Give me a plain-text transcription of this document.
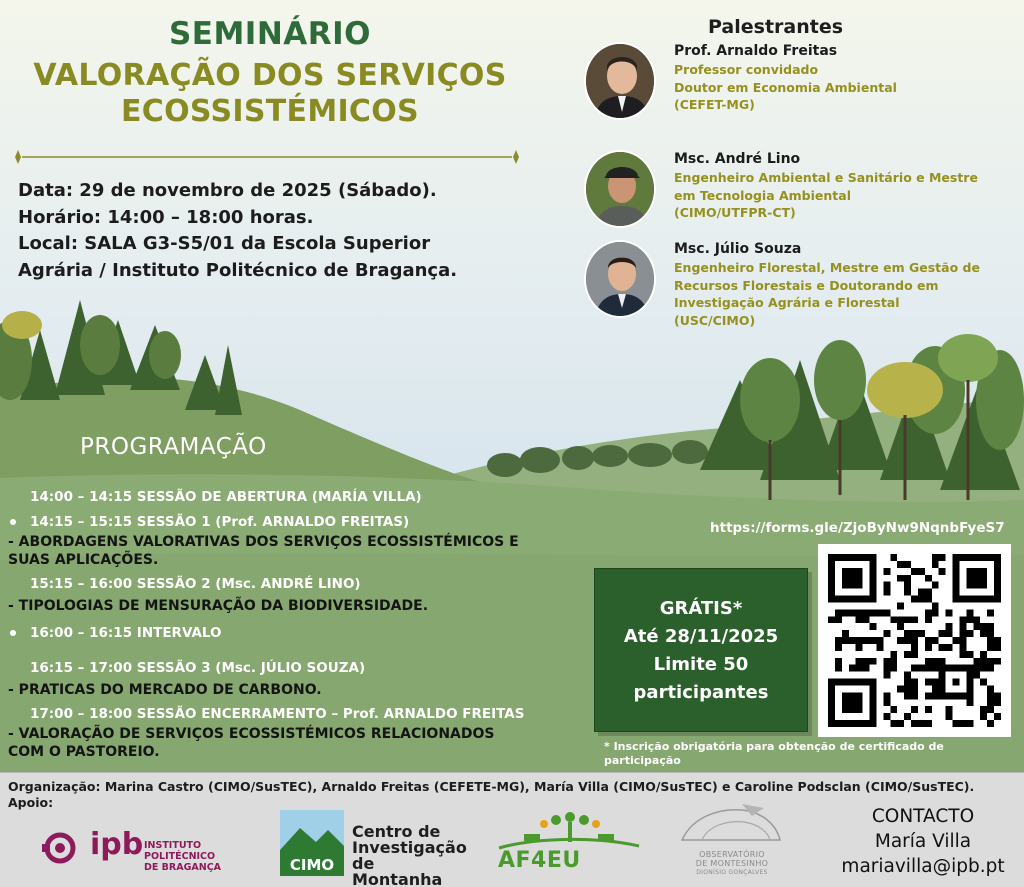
SEMINÁRIO
VALORAÇÃO DOS SERVIÇOS
ECOSSISTÉMICOS
Data: 29 de novembro de 2025 (Sábado).
Horário: 14:00 – 18:00 horas.
Local: SALA G3-S5/01 da Escola Superior
Agrária / Instituto Politécnico de Bragança.
Palestrantes
Prof. Arnaldo Freitas
Professor convidado
Doutor em Economia Ambiental
(CEFET-MG)
Msc. André Lino
Engenheiro Ambiental e Sanitário e Mestre
em Tecnologia Ambiental
(CIMO/UTFPR-CT)
Msc. Júlio Souza
Engenheiro Florestal, Mestre em Gestão de
Recursos Florestais e Doutorando em
Investigação Agrária e Florestal
(USC/CIMO)
PROGRAMAÇÃO
14:00 – 14:15 SESSÃO DE ABERTURA (MARÍA VILLA)
14:15 – 15:15 SESSÃO 1 (Prof. ARNALDO FREITAS)
- ABORDAGENS VALORATIVAS DOS SERVIÇOS ECOSSISTÉMICOS E
SUAS APLICAÇÕES.
15:15 – 16:00 SESSÃO 2 (Msc. ANDRÉ LINO)
- TIPOLOGIAS DE MENSURAÇÃO DA BIODIVERSIDADE.
16:00 – 16:15 INTERVALO
16:15 – 17:00 SESSÃO 3 (Msc. JÚLIO SOUZA)
- PRATICAS DO MERCADO DE CARBONO.
17:00 – 18:00 SESSÃO ENCERRAMENTO – Prof. ARNALDO FREITAS
- VALORAÇÃO DE SERVIÇOS ECOSSISTÉMICOS RELACIONADOS
COM O PASTOREIO.
https://forms.gle/ZjoByNw9NqnbFyeS7
GRÁTIS*
Até 28/11/2025
Limite 50
participantes
* Inscrição obrigatória para obtenção de certificado de participação
Organização: Marina Castro (CIMO/SusTEC), Arnaldo Freitas (CEFETE-MG), María Villa (CIMO/SusTEC) e Caroline Podsclan (CIMO/SusTEC).
Apoio:
ipb INSTITUTO POLITÉCNICO
DE BRAGANÇA	CIMO
Centro de
Investigação
de Montanha
AF4EU	OBSERVATÓRIO
DE MONTESINHO
DIONÍSIO GONÇALVES
CONTACTO
María Villa
mariavilla@ipb.pt
